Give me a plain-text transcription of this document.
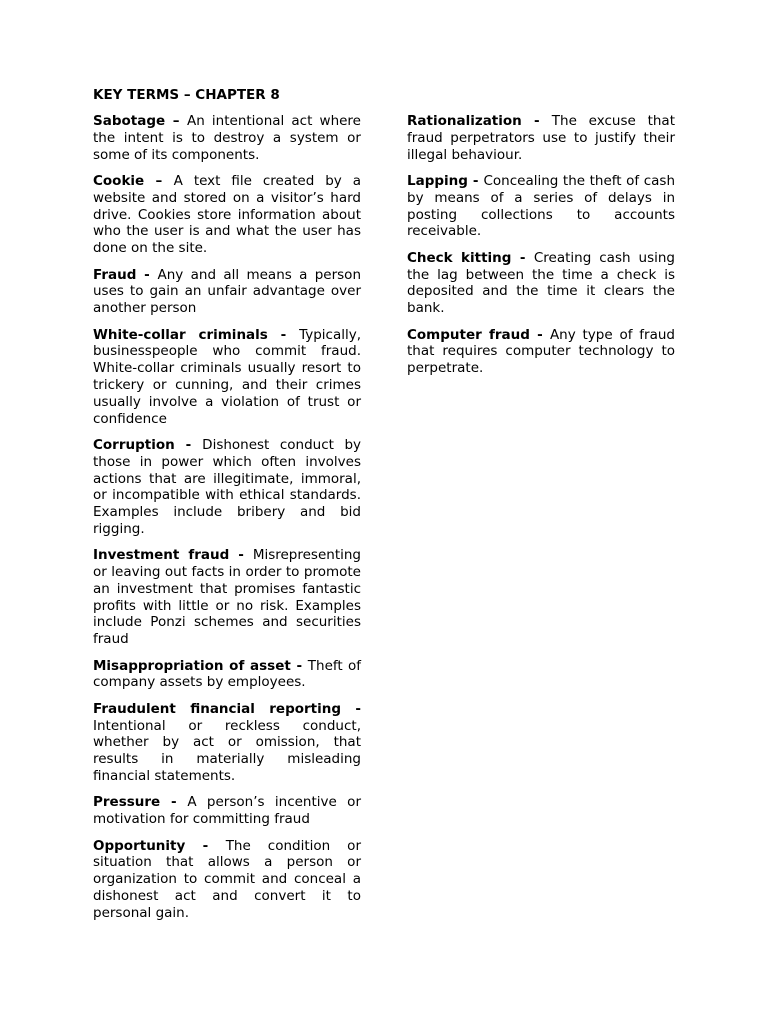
KEY TERMS – CHAPTER 8

Sabotage – An intentional act where the intent is to destroy a system or some of its components.

Cookie – A text file created by a website and stored on a visitor’s hard drive. Cookies store information about who the user is and what the user has done on the site.

Fraud - Any and all means a person uses to gain an unfair advantage over another person

White-collar criminals - Typically, businesspeople who commit fraud. White-collar criminals usually resort to trickery or cunning, and their crimes usually involve a violation of trust or confidence

Corruption - Dishonest conduct by those in power which often involves actions that are illegitimate, immoral, or incompatible with ethical standards. Examples include bribery and bid rigging.

Investment fraud - Misrepresenting or leaving out facts in order to promote an investment that promises fantastic profits with little or no risk. Examples include Ponzi schemes and securities fraud

Misappropriation of asset - Theft of company assets by employees.

Fraudulent financial reporting - Intentional or reckless conduct, whether by act or omission, that results in materially misleading financial statements.

Pressure - A person’s incentive or motivation for committing fraud

Opportunity - The condition or situation that allows a person or organization to commit and conceal a dishonest act and convert it to personal gain.

Rationalization - The excuse that fraud perpetrators use to justify their illegal behaviour.

Lapping - Concealing the theft of cash by means of a series of delays in posting collections to accounts receivable.

Check kitting - Creating cash using the lag between the time a check is deposited and the time it clears the bank.

Computer fraud - Any type of fraud that requires computer technology to perpetrate.
